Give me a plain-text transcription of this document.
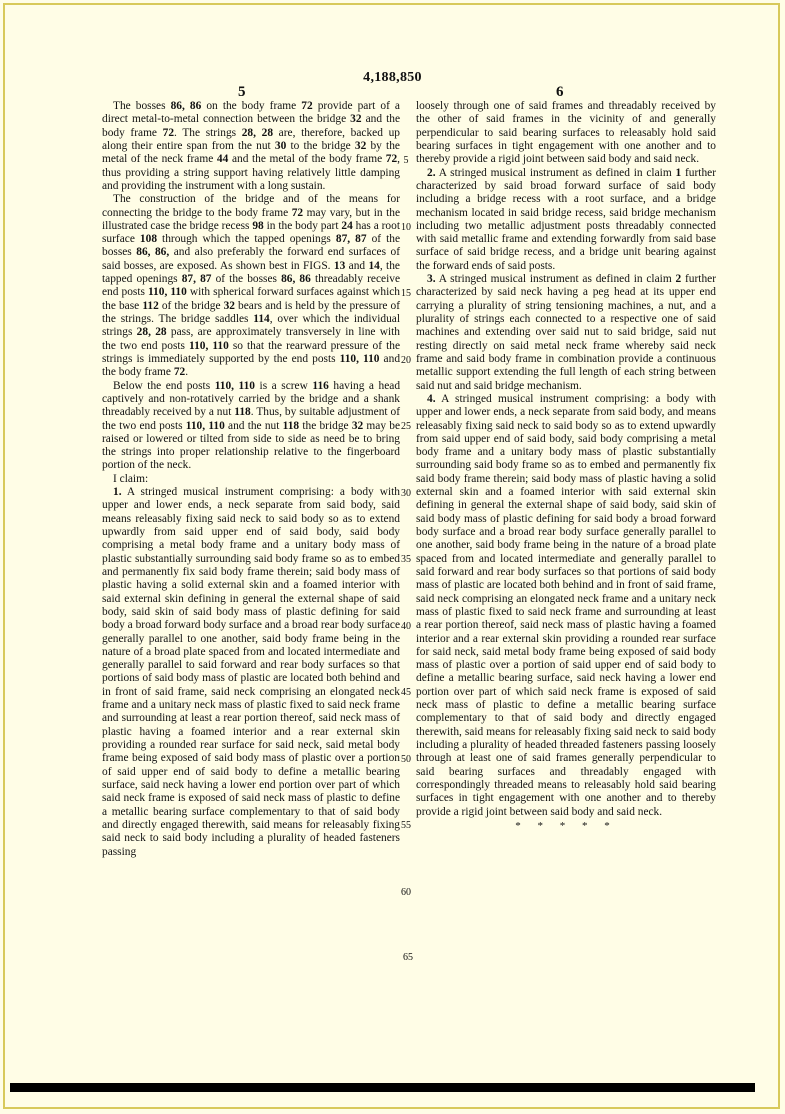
4,188,850
5	6

The bosses 86, 86 on the body frame 72 provide part of a direct metal-to-metal connection between the bridge 32 and the body frame 72. The strings 28, 28 are, therefore, backed up along their entire span from the nut 30 to the bridge 32 by the metal of the neck frame 44 and the metal of the body frame 72, thus providing a string support having relatively little damping and providing the instrument with a long sustain.

The construction of the bridge and of the means for connecting the bridge to the body frame 72 may vary, but in the illustrated case the bridge recess 98 in the body part 24 has a root surface 108 through which the tapped openings 87, 87 of the bosses 86, 86, and also preferably the forward end surfaces of said bosses, are exposed. As shown best in FIGS. 13 and 14, the tapped openings 87, 87 of the bosses 86, 86 threadably receive end posts 110, 110 with spherical forward surfaces against which the base 112 of the bridge 32 bears and is held by the pressure of the strings. The bridge saddles 114, over which the individual strings 28, 28 pass, are approximately transversely in line with the two end posts 110, 110 so that the rearward pressure of the strings is immediately supported by the end posts 110, 110 and the body frame 72.

Below the end posts 110, 110 is a screw 116 having a head captively and non-rotatively carried by the bridge and a shank threadably received by a nut 118. Thus, by suitable adjustment of the two end posts 110, 110 and the nut 118 the bridge 32 may be raised or lowered or tilted from side to side as need be to bring the strings into proper relationship relative to the fingerboard portion of the neck.

I claim:

1. A stringed musical instrument comprising: a body with upper and lower ends, a neck separate from said body, said means releasably fixing said neck to said body so as to extend upwardly from said upper end of said body, said body comprising a metal body frame and a unitary body mass of plastic substantially surrounding said body frame so as to embed and permanently fix said body frame therein; said body mass of plastic having a solid external skin and a foamed interior with said external skin defining in general the external shape of said body, said skin of said body mass of plastic defining for said body a broad forward body surface and a broad rear body surface generally parallel to one another, said body frame being in the nature of a broad plate spaced from and located intermediate and generally parallel to said forward and rear body surfaces so that portions of said body mass of plastic are located both behind and in front of said frame, said neck comprising an elongated neck frame and a unitary neck mass of plastic fixed to said neck frame and surrounding at least a rear portion thereof, said neck mass of plastic having a foamed interior and a rear external skin providing a rounded rear surface for said neck, said metal body frame being exposed of said body mass of plastic over a portion of said upper end of said body to define a metallic bearing surface, said neck having a lower end portion over part of which said neck frame is exposed of said neck mass of plastic to define a metallic bearing surface complementary to that of said body and directly engaged therewith, said means for releasably fixing said neck to said body including a plurality of headed fasteners passing

loosely through one of said frames and threadably received by the other of said frames in the vicinity of and generally perpendicular to said bearing surfaces to releasably hold said bearing surfaces in tight engagement with one another and to thereby provide a rigid joint between said body and said neck.

2. A stringed musical instrument as defined in claim 1 further characterized by said broad forward surface of said body including a bridge recess with a root surface, and a bridge mechanism located in said bridge recess, said bridge mechanism including two metallic adjustment posts threadably connected with said metallic frame and extending forwardly from said base surface of said bridge recess, and a bridge unit bearing against the forward ends of said posts.

3. A stringed musical instrument as defined in claim 2 further characterized by said neck having a peg head at its upper end carrying a plurality of string tensioning machines, a nut, and a plurality of strings each connected to a respective one of said machines and extending over said nut to said bridge, said nut resting directly on said metal neck frame whereby said neck frame and said body frame in combination provide a continuous metallic support extending the full length of each string between said nut and said bridge mechanism.

4. A stringed musical instrument comprising: a body with upper and lower ends, a neck separate from said body, and means releasably fixing said neck to said body so as to extend upwardly from said upper end of said body, said body comprising a metal body frame and a unitary body mass of plastic substantially surrounding said body frame so as to embed and permanently fix said body frame therein; said body mass of plastic having a solid external skin and a foamed interior with said external skin defining in general the external shape of said body, said skin of said body mass of plastic defining for said body a broad forward body surface and a broad rear body surface generally parallel to one another, said body frame being in the nature of a broad plate spaced from and located intermediate and generally parallel to said forward and rear body surfaces so that portions of said body mass of plastic are located both behind and in front of said frame, said neck comprising an elongated neck frame and a unitary neck mass of plastic fixed to said neck frame and surrounding at least a rear portion thereof, said neck mass of plastic having a foamed interior and a rear external skin providing a rounded rear surface for said neck, said metal body frame being exposed of said body mass of plastic over a portion of said upper end of said body to define a metallic bearing surface, said neck having a lower end portion over part of which said neck frame is exposed of said neck mass of plastic to define a metallic bearing surface complementary to that of said body and directly engaged therewith, said means for releasably fixing said neck to said body including a plurality of headed threaded fasteners passing loosely through at least one of said frames generally perpendicular to said bearing surfaces and threadably engaged with correspondingly threaded means to releasably hold said bearing surfaces in tight engagement with one another and to thereby provide a rigid joint between said body and said neck.

* * * * *
5
10
15
20
25
30
35
40
45
50
55
60
65
